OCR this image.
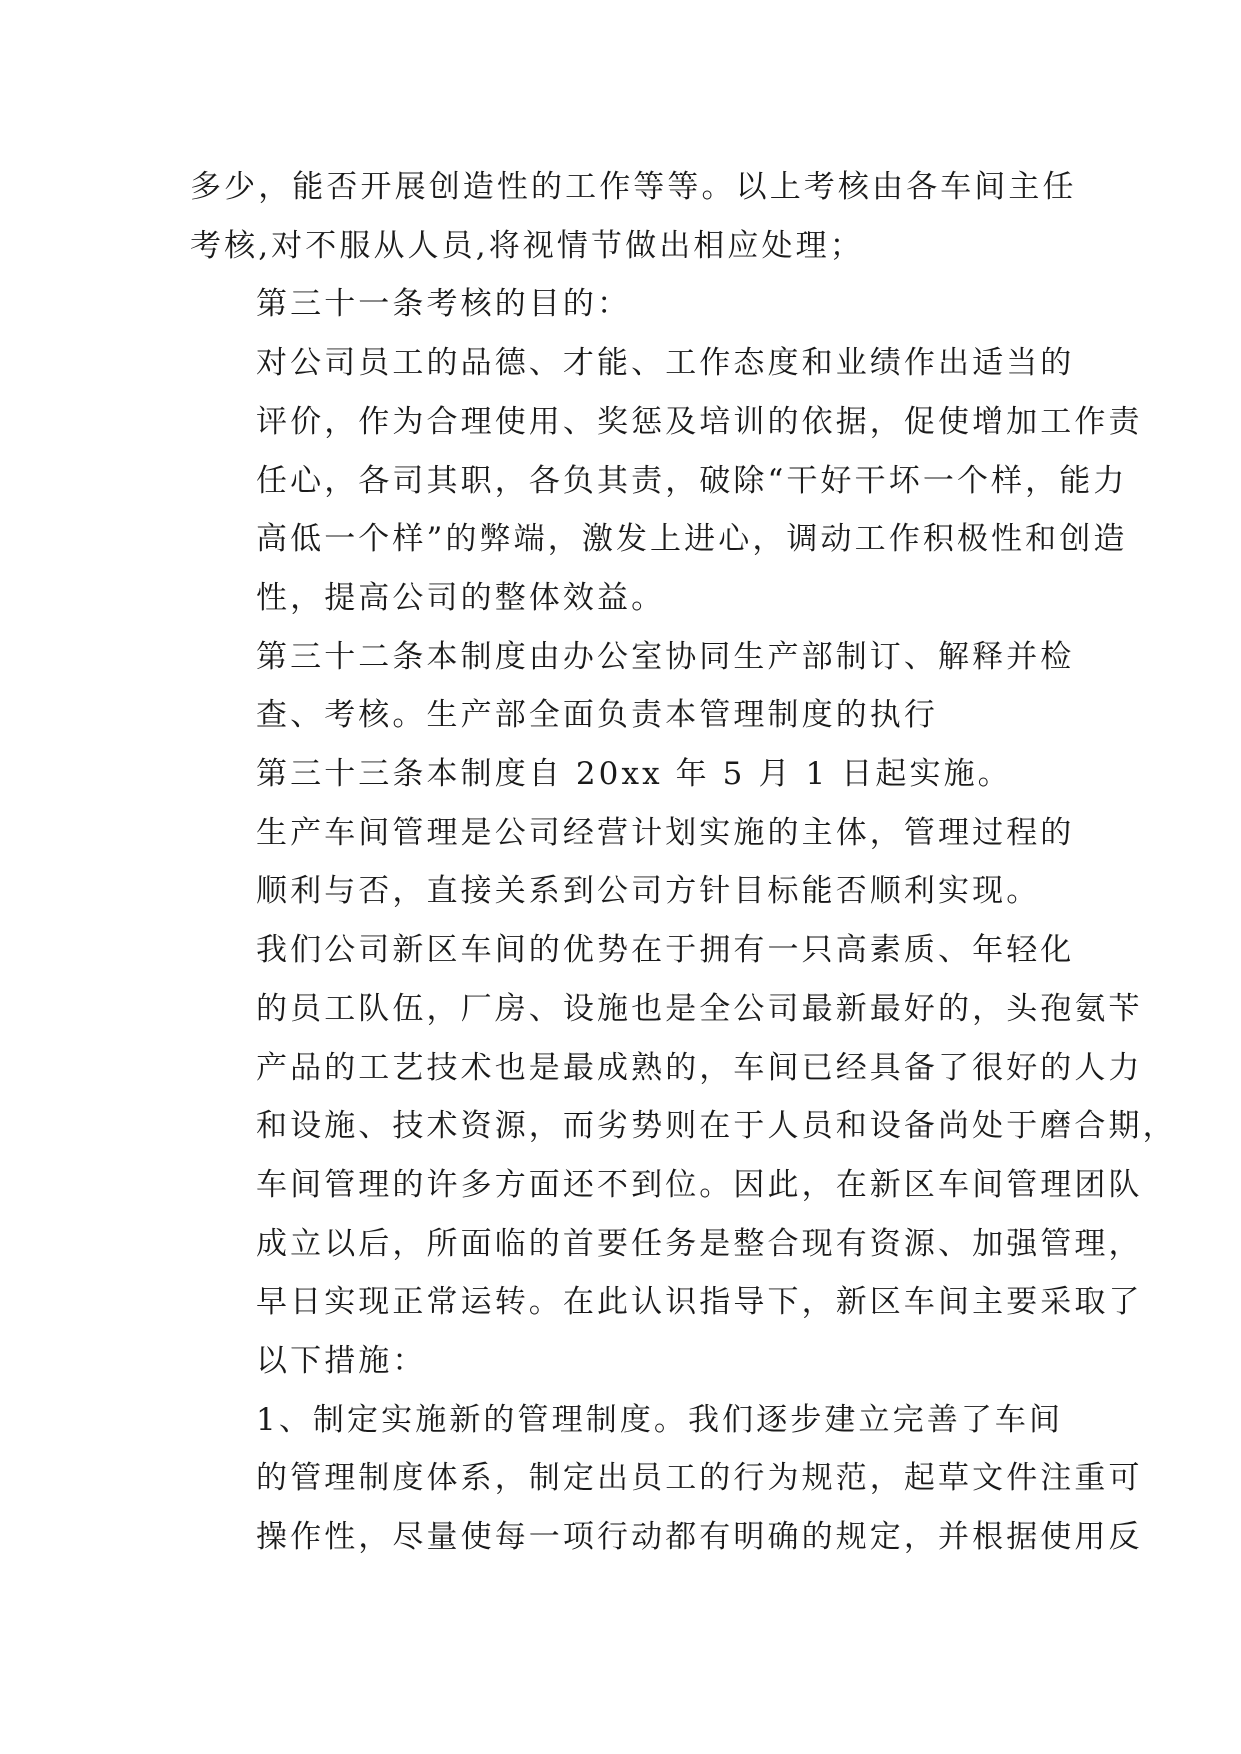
多少，能否开展创造性的工作等等。以上考核由各车间主任
考核,对不服从人员,将视情节做出相应处理；

第三十一条考核的目的：

对公司员工的品德、才能、工作态度和业绩作出适当的
评价，作为合理使用、奖惩及培训的依据，促使增加工作责
任心，各司其职，各负其责，破除“干好干坏一个样，能力
高低一个样”的弊端，激发上进心，调动工作积极性和创造
性，提高公司的整体效益。

第三十二条本制度由办公室协同生产部制订、解释并检
查、考核。生产部全面负责本管理制度的执行

第三十三条本制度自 20xx 年 5 月 1 日起实施。

生产车间管理是公司经营计划实施的主体，管理过程的
顺利与否，直接关系到公司方针目标能否顺利实现。

我们公司新区车间的优势在于拥有一只高素质、年轻化
的员工队伍，厂房、设施也是全公司最新最好的，头孢氨苄
产品的工艺技术也是最成熟的，车间已经具备了很好的人力
和设施、技术资源，而劣势则在于人员和设备尚处于磨合期，
车间管理的许多方面还不到位。因此，在新区车间管理团队
成立以后，所面临的首要任务是整合现有资源、加强管理，
早日实现正常运转。在此认识指导下，新区车间主要采取了
以下措施：

1、制定实施新的管理制度。我们逐步建立完善了车间
的管理制度体系，制定出员工的行为规范，起草文件注重可
操作性，尽量使每一项行动都有明确的规定，并根据使用反
